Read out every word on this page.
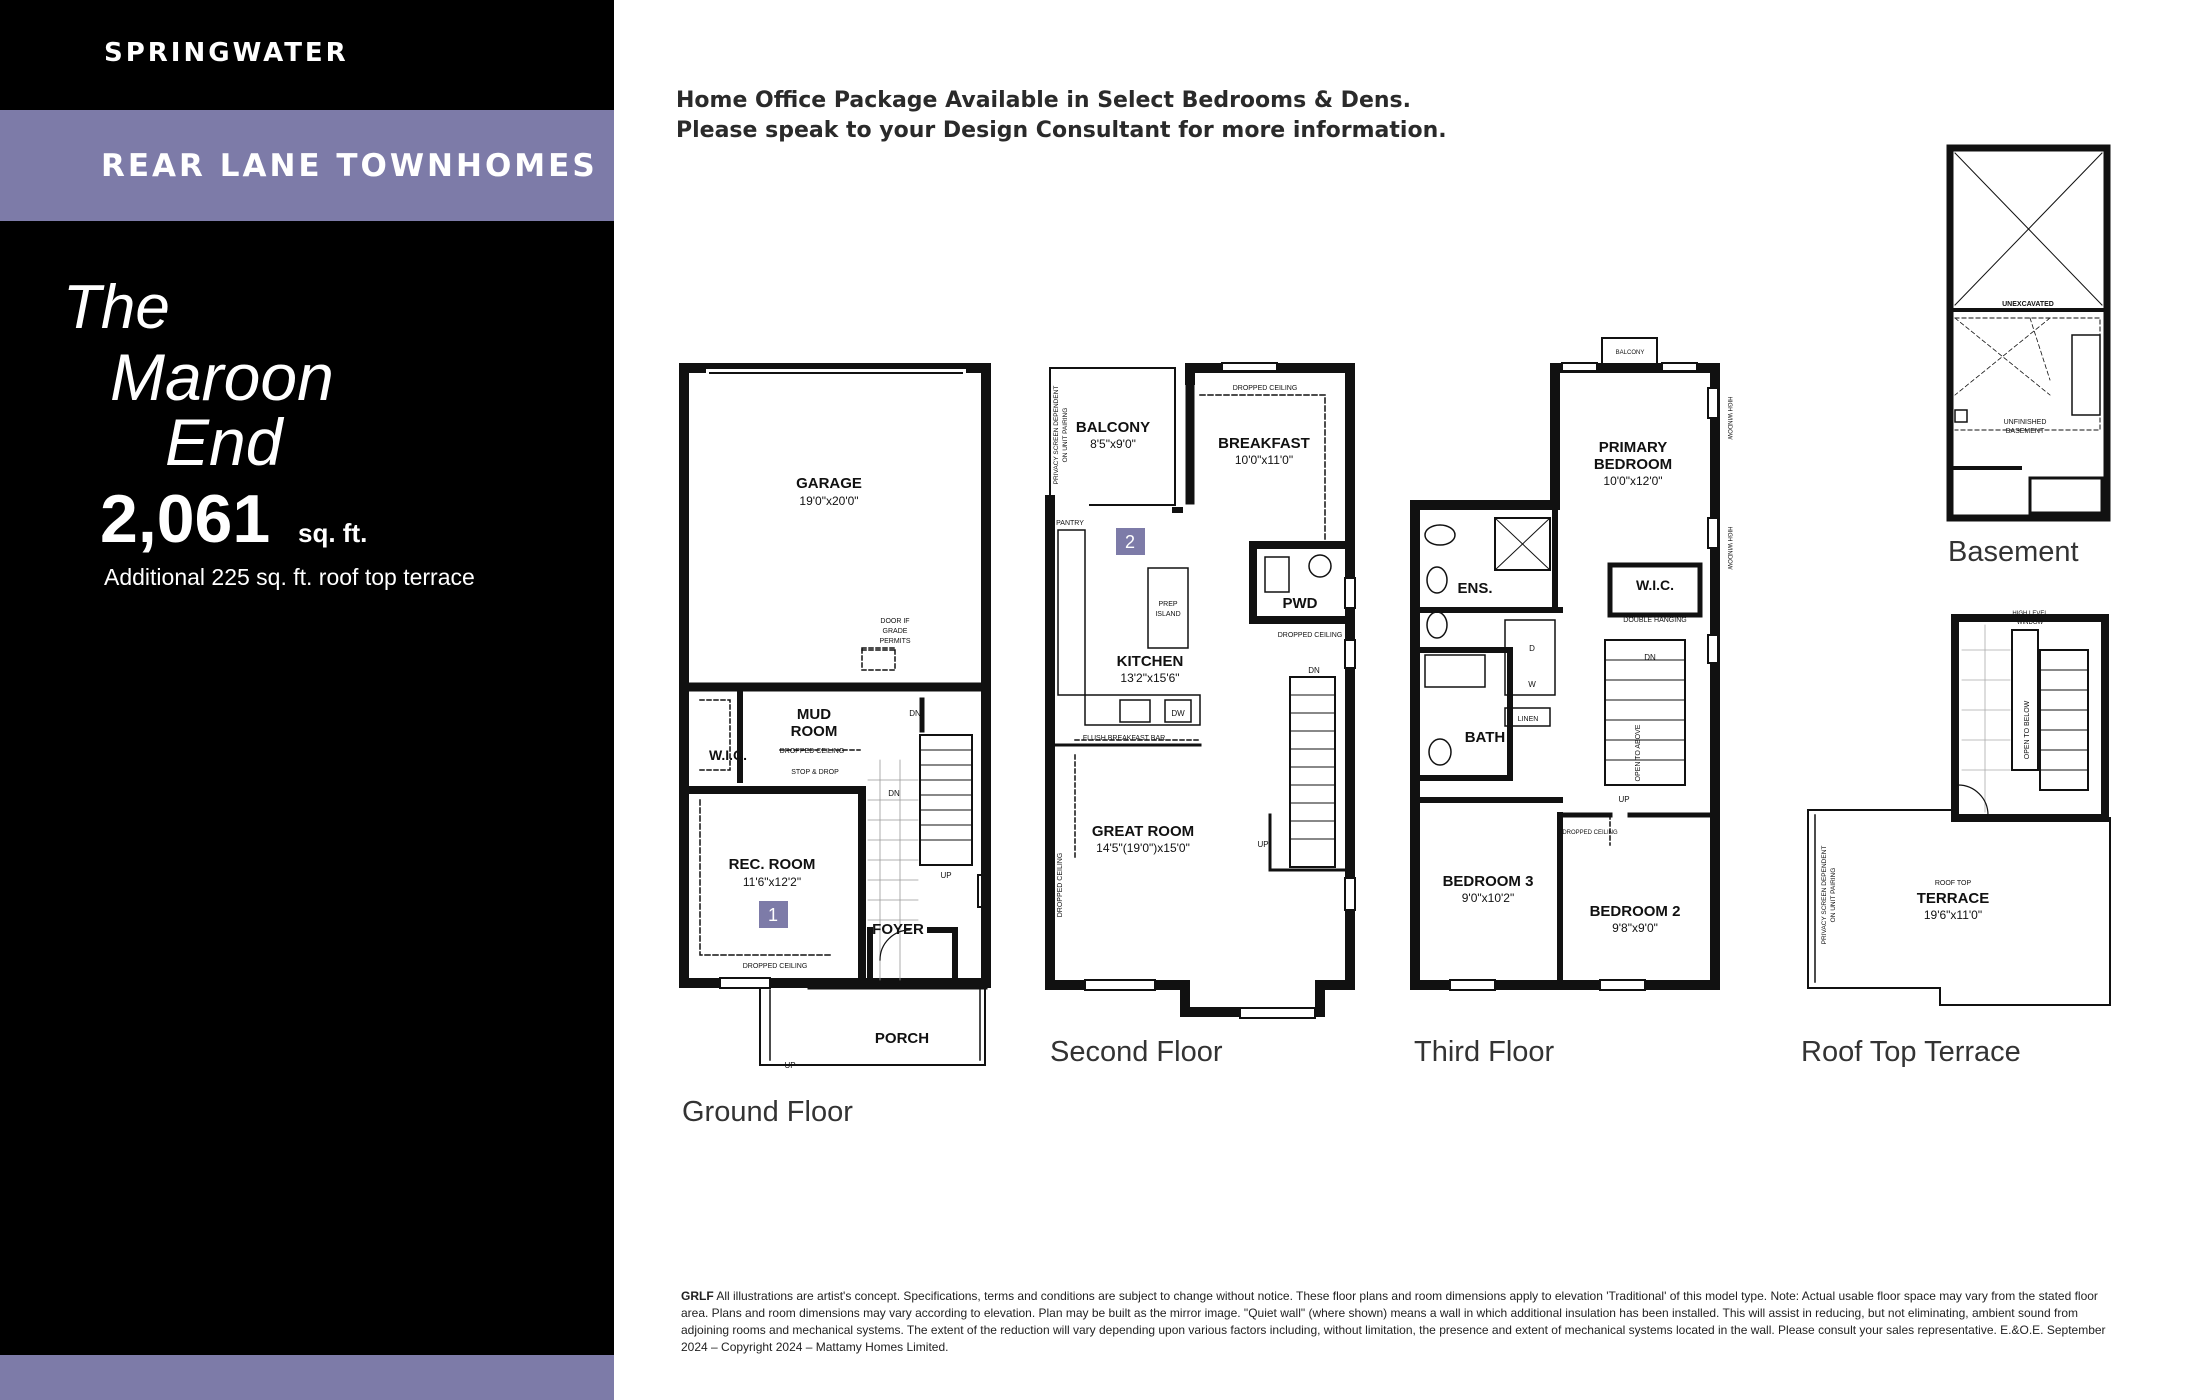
SPRINGWATER
REAR LANE TOWNHOMES
The
Maroon
End
2,061 sq. ft.
Additional 225 sq. ft. roof top terrace
Home Office Package Available in Select Bedrooms & Dens.
Please speak to your Design Consultant for more information.
GARAGE
19'0"x20'0"
DOOR IF
GRADE
PERMITS
MUD
ROOM
DROPPED CEILING
STOP & DROP
W.I.C.
REC. ROOM
11'6"x12'2"
DROPPED CEILING
FOYER
PORCH
DN
DN
UP
UP
BALCONY
8'5"x9'0"	BREAKFAST
10'0"x11'0"
DROPPED CEILING
PANTRY
PREP
ISLAND
KITCHEN
13'2"x15'6"
DW
FLUSH BREAKFAST BAR
PWD
DROPPED CEILING
DN
UP
GREAT ROOM
14'5"(19'0")x15'0"
DROPPED CEILING
PRIVACY SCREEN DEPENDENT ON UNIT PAIRING
BALCONY
PRIMARY
BEDROOM
10'0"x12'0"
ENS.	W.I.C.
DOUBLE HANGING
BATH
LINEN
D
W
DN
UP
OPEN TO ABOVE
BEDROOM 3
9'0"x10'2"
BEDROOM 2
9'8"x9'0"
DROPPED CEILING
HIGH WINDOW
HIGH WINDOW
UNEXCAVATED
UNFINISHED
BASEMENT
HIGH LEVEL
WINDOW
OPEN TO BELOW
ROOF TOP
TERRACE
19'6"x11'0"
PRIVACY SCREEN DEPENDENT ON UNIT PAIRING
1
2
Ground Floor
Second Floor	Third Floor	Roof Top Terrace
Basement
GRLF All illustrations are artist's concept. Specifications, terms and conditions are subject to change without notice. These floor plans and room dimensions apply to elevation 'Traditional' of this model type. Note: Actual usable floor space may vary from the stated floor area. Plans and room dimensions may vary according to elevation. Plan may be built as the mirror image. "Quiet wall" (where shown) means a wall in which additional insulation has been installed. This will assist in reducing, but not eliminating, ambient sound from adjoining rooms and mechanical systems. The extent of the reduction will vary depending upon various factors including, without limitation, the presence and extent of mechanical systems located in the wall. Please consult your sales representative. E.&O.E. September 2024 – Copyright 2024 – Mattamy Homes Limited.
